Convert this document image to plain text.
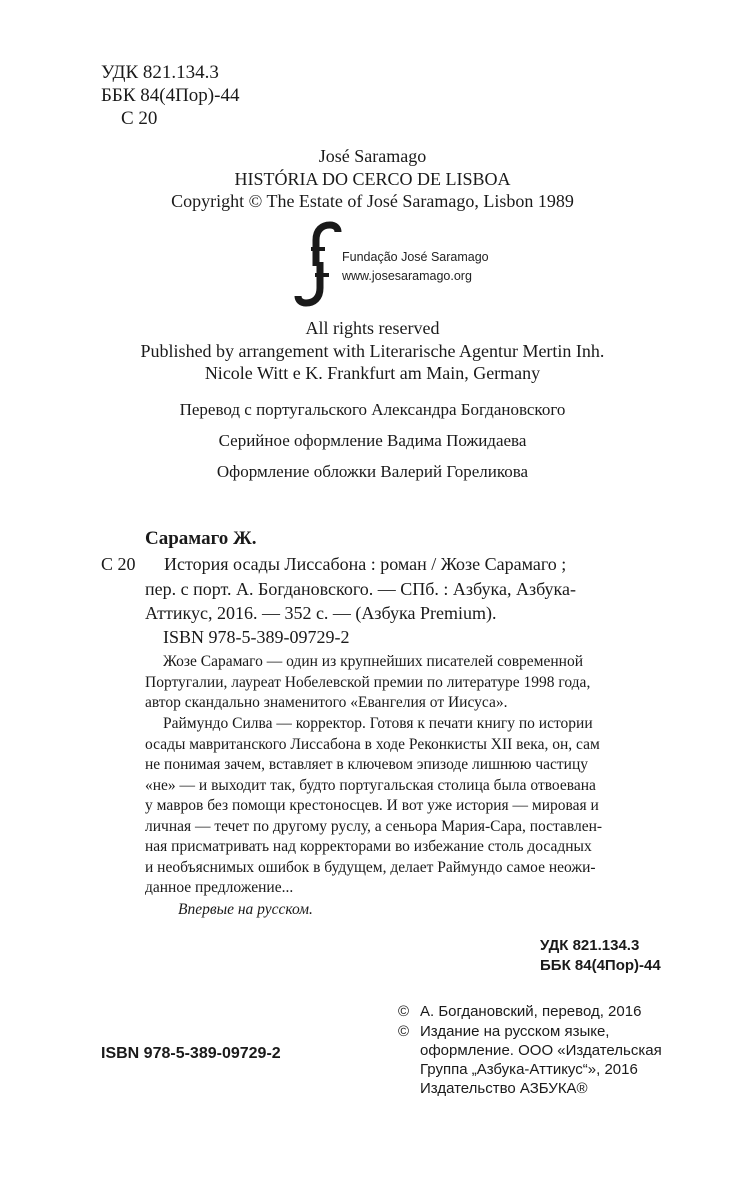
УДК 821.134.3
ББК 84(4Пор)-44
С 20
José Saramago
HISTÓRIA DO CERCO DE LISBOA
Copyright © The Estate of José Saramago, Lisbon 1989
Fundação José Saramago
www.josesaramago.org
All rights reserved
Published by arrangement with Literarische Agentur Mertin Inh.
Nicole Witt e K. Frankfurt am Main, Germany
Перевод с португальского Александра Богдановского
Серийное оформление Вадима Пожидаева
Оформление обложки Валерий Гореликова
Сарамаго Ж.
С 20 История осады Лиссабона : роман / Жозе Сарамаго ;
пер. с порт. А. Богдановского. — СПб. : Азбука, Азбука-
Аттикус, 2016. — 352 с. — (Азбука Premium).
ISBN 978-5-389-09729-2
Жозе Сарамаго — один из крупнейших писателей современной
Португалии, лауреат Нобелевской премии по литературе 1998 года,
автор скандально знаменитого «Евангелия от Иисуса».
Раймундо Силва — корректор. Готовя к печати книгу по истории
осады мавританского Лиссабона в ходе Реконкисты XII века, он, сам
не понимая зачем, вставляет в ключевом эпизоде лишнюю частицу
«не» — и выходит так, будто португальская столица была отвоевана
у мавров без помощи крестоносцев. И вот уже история — мировая и
личная — течет по другому руслу, а сеньора Мария-Сара, поставлен-
ная присматривать над корректорами во избежание столь досадных
и необъяснимых ошибок в будущем, делает Раймундо самое неожи-
данное предложение...
Впервые на русском.
УДК 821.134.3
ББК 84(4Пор)-44
© А. Богдановский, перевод, 2016
© Издание на русском языке,
оформление. ООО «Издательская
Группа „Азбука-Аттикус“», 2016
Издательство АЗБУКА®
ISBN 978-5-389-09729-2
